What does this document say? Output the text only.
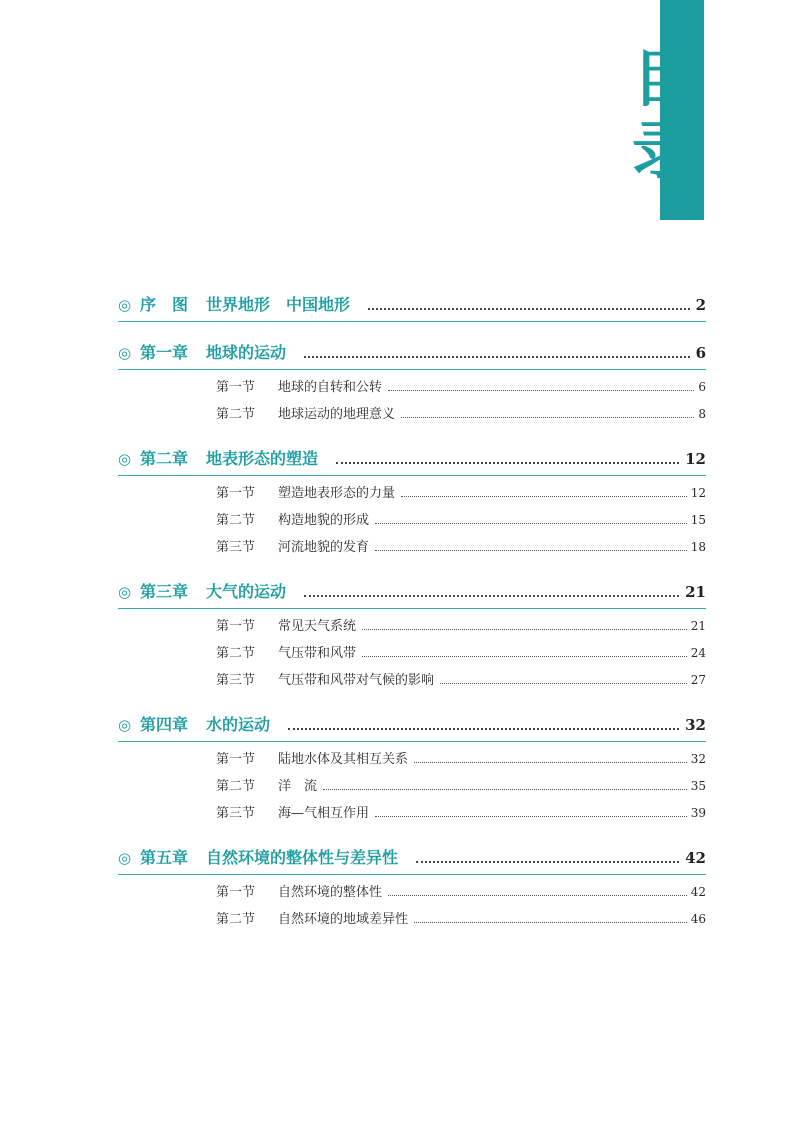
目
录
◎ 序　图 世界地形　中国地形	2
◎ 第一章 地球的运动	6
第一节	地球的自转和公转	6
第二节	地球运动的地理意义	8
◎ 第二章 地表形态的塑造	12
第一节	塑造地表形态的力量	12
第二节	构造地貌的形成	15
第三节	河流地貌的发育	18
◎ 第三章 大气的运动	21
第一节	常见天气系统	21
第二节	气压带和风带	24
第三节	气压带和风带对气候的影响	27
◎ 第四章 水的运动	32
第一节	陆地水体及其相互关系	32
第二节	洋　流	35
第三节	海—气相互作用	39
◎ 第五章 自然环境的整体性与差异性	42
第一节	自然环境的整体性	42
第二节	自然环境的地域差异性	46
